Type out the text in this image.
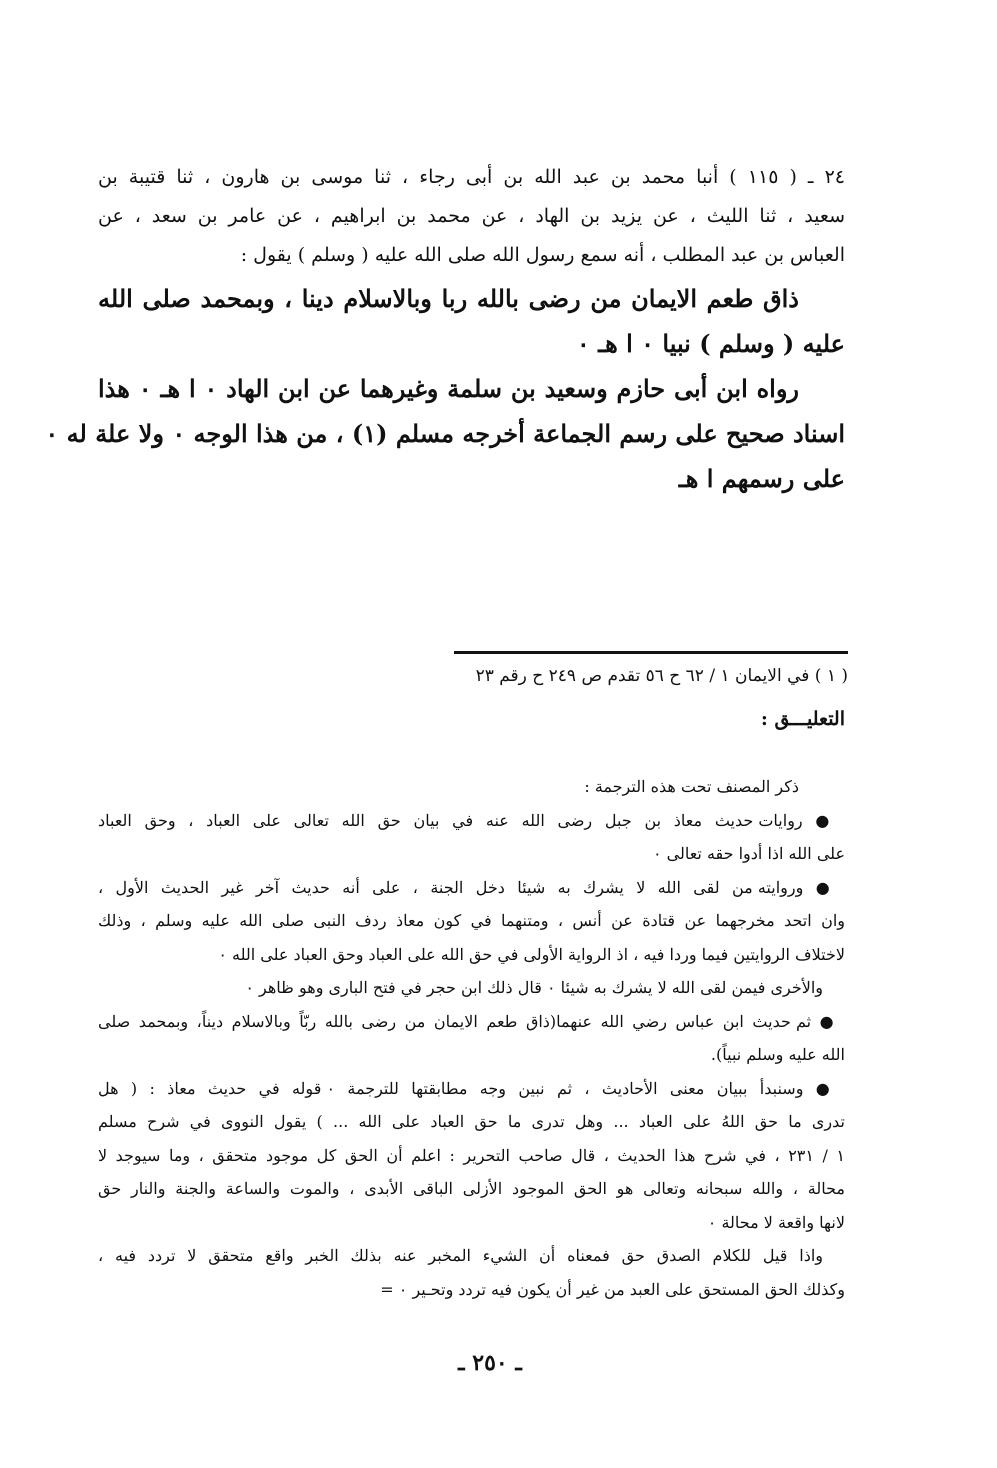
٢٤ ـ ( ١١٥ ) أنبا محمد بن عبد الله بن أبى رجاء ، ثنا موسى بن هارون ، ثنا قتيبة بن
سعيد ، ثنا الليث ، عن يزيد بن الهاد ، عن محمد بن ابراهيم ، عن عامر بن سعد ، عن
العباس بن عبد المطلب ، أنه سمع رسول الله صلى الله عليه ( وسلم ) يقول :
ذاق طعم الايمان من رضى بالله ربا وبالاسلام دينا ، وبمحمد صلى الله
عليه ( وسلم ) نبيا ٠ ا هـ ٠
رواه ابن أبى حازم وسعيد بن سلمة وغيرهما عن ابن الهاد ٠ ا هـ ٠ هذا
اسناد صحيح على رسم الجماعة أخرجه مسلم (١) ، من هذا الوجه ٠ ولا علة له ٠
على رسمهم ا هـ
( ١ ) في الايمان ١ / ٦٢ ح ٥٦ تقدم ص ٢٤٩ ح رقم ٢٣
التعليـــق :
ذكر المصنف تحت هذه الترجمة :
● روايات حديث معاذ بن جبل رضى الله عنه في بيان حق الله تعالى على العباد ، وحق العباد
على الله اذا أدوا حقه تعالى ٠
● وروايته من لقى الله لا يشرك به شيئا دخل الجنة ، على أنه حديث آخر غير الحديث الأول ،
وان اتحد مخرجهما عن قتادة عن أنس ، ومتنهما في كون معاذ ردف النبى صلى الله عليه وسلم ، وذلك
لاختلاف الروايتين فيما وردا فيه ، اذ الرواية الأولى في حق الله على العباد وحق العباد على الله ٠
والأخرى فيمن لقى الله لا يشرك به شيئا ٠ قال ذلك ابن حجر في فتح البارى وهو ظاهر ٠
● ثم حديث ابن عباس رضي الله عنهما(ذاق طعم الايمان من رضى بالله ربّاً وبالاسلام ديناً، وبمحمد صلى
الله عليه وسلم نبياً).
● وسنبدأ ببيان معنى الأحاديث ، ثم نبين وجه مطابقتها للترجمة ٠ قوله في حديث معاذ : ( هل
تدرى ما حق اللهُ على العباد ... وهل تدرى ما حق العباد على الله ... ) يقول النووى في شرح مسلم
١ / ٢٣١ ، في شرح هذا الحديث ، قال صاحب التحرير : اعلم أن الحق كل موجود متحقق ، وما سيوجد لا
محالة ، والله سبحانه وتعالى هو الحق الموجود الأزلى الباقى الأبدى ، والموت والساعة والجنة والنار حق
لانها واقعة لا محالة ٠
واذا قيل للكلام الصدق حق فمعناه أن الشيء المخبر عنه بذلك الخبر واقع متحقق لا تردد فيه ،
وكذلك الحق المستحق على العبد من غير أن يكون فيه تردد وتحـير ٠ =
ـ ٢٥٠ ـ
